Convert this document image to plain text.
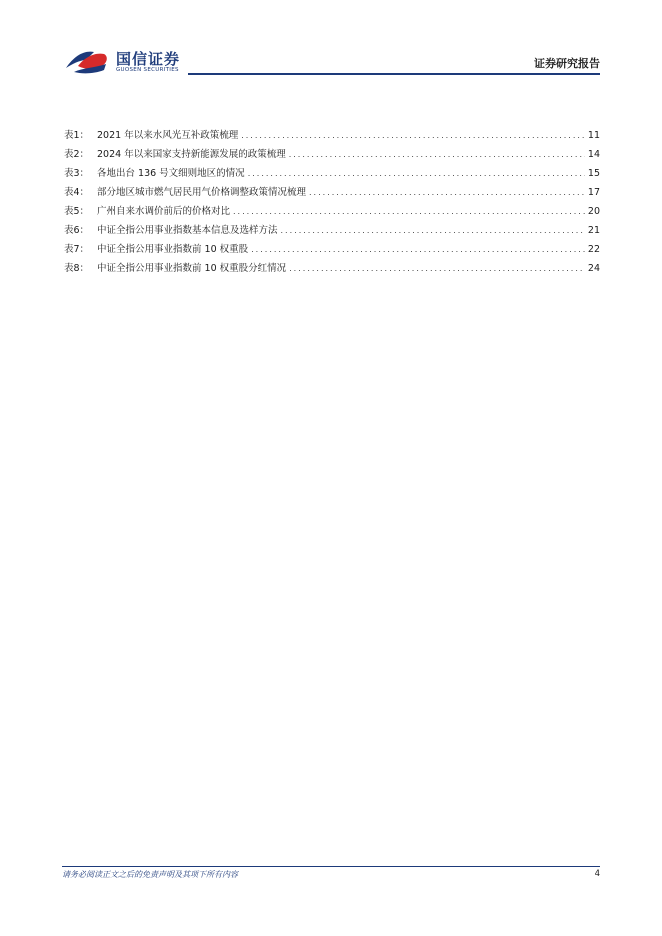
国信证券
GUOSEN SECURITIES	证券研究报告
表1： 2021 年以来水风光互补政策梳理 .....	11
表2： 2024 年以来国家支持新能源发展的政策梳理 .....	14
表3： 各地出台 136 号文细则地区的情况 .....	15
表4： 部分地区城市燃气居民用气价格调整政策情况梳理 .....	17
表5： 广州自来水调价前后的价格对比 .....	20
表6： 中证全指公用事业指数基本信息及选样方法 .....	21
表7： 中证全指公用事业指数前 10 权重股 .....	22
表8： 中证全指公用事业指数前 10 权重股分红情况 .....	24
请务必阅读正文之后的免责声明及其项下所有内容	4
